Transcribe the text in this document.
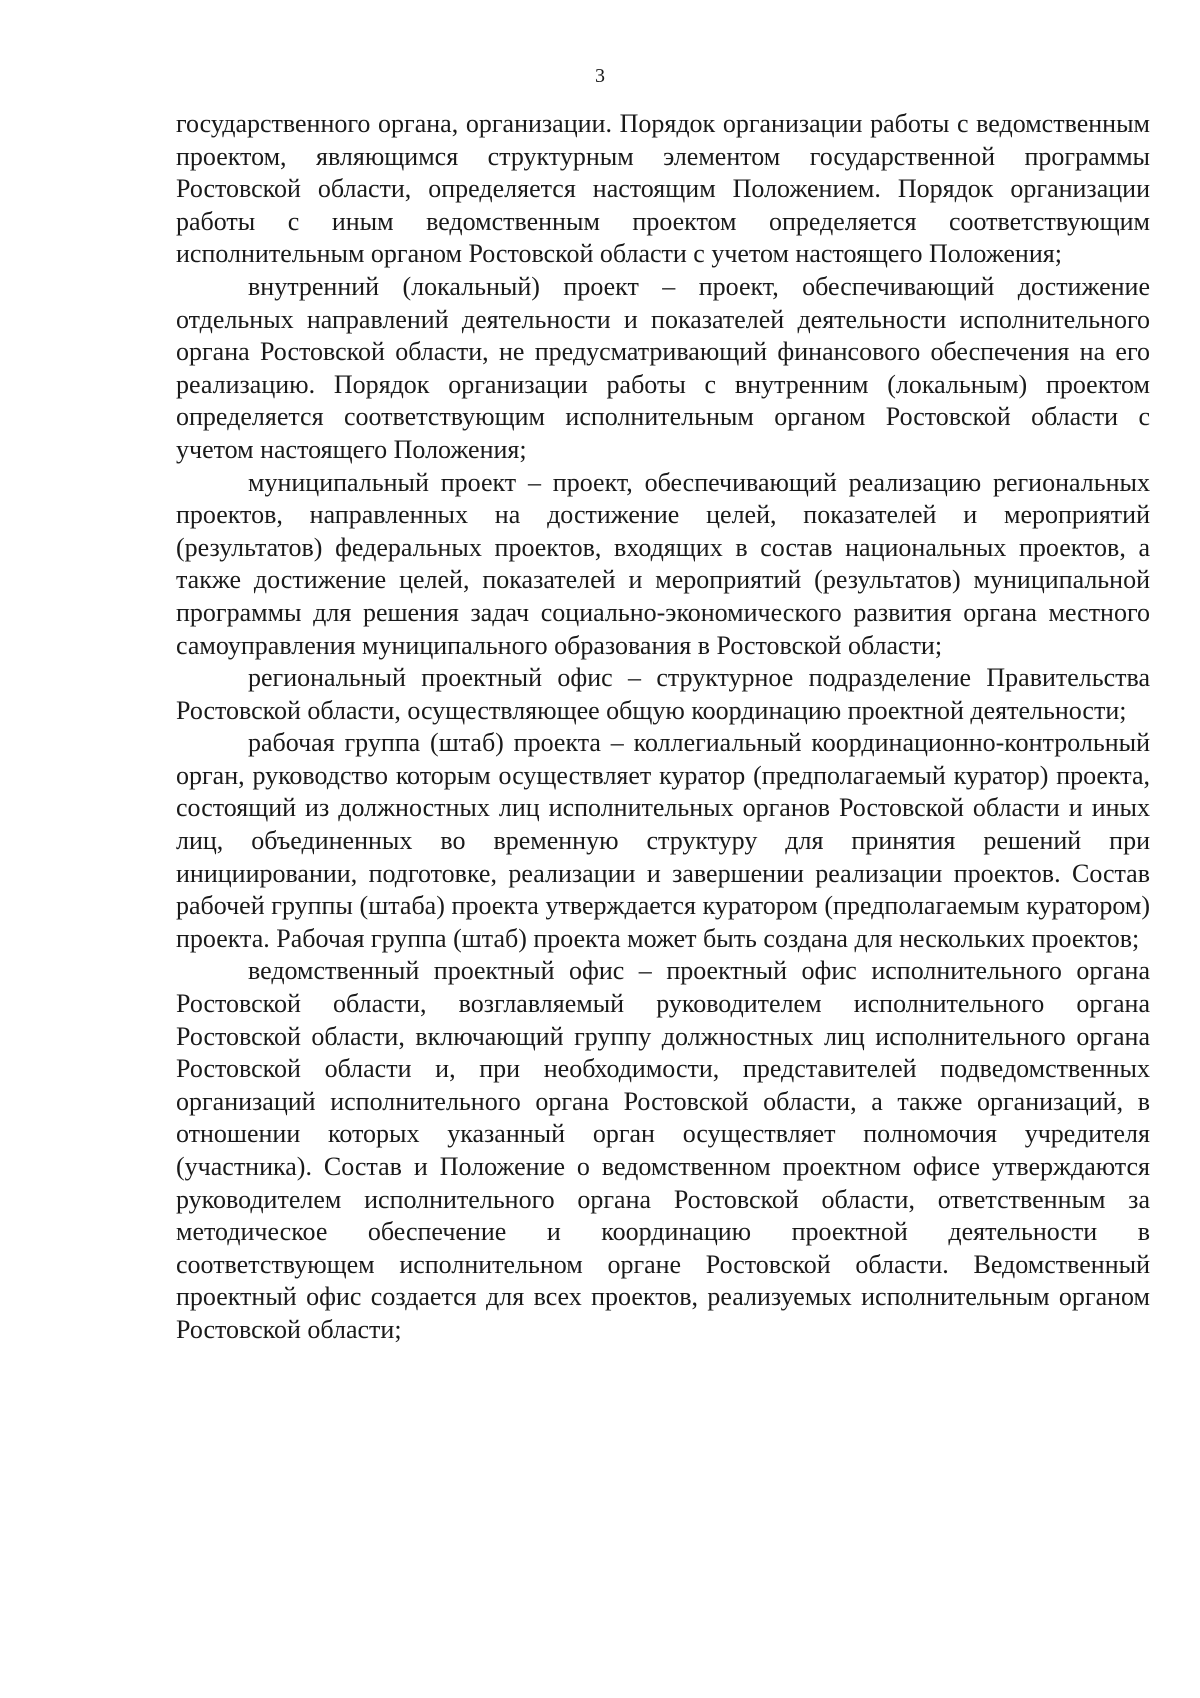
3

государственного органа, организации. Порядок организации работы с ведомственным проектом, являющимся структурным элементом государственной программы Ростовской области, определяется настоящим Положением. Порядок организации работы с иным ведомственным проектом определяется соответствующим исполнительным органом Ростовской области с учетом настоящего Положения;

внутренний (локальный) проект – проект, обеспечивающий достижение отдельных направлений деятельности и показателей деятельности исполнительного органа Ростовской области, не предусматривающий финансового обеспечения на его реализацию. Порядок организации работы с внутренним (локальным) проектом определяется соответствующим исполнительным органом Ростовской области с учетом настоящего Положения;

муниципальный проект – проект, обеспечивающий реализацию региональных проектов, направленных на достижение целей, показателей и мероприятий (результатов) федеральных проектов, входящих в состав национальных проектов, а также достижение целей, показателей и мероприятий (результатов) муниципальной программы для решения задач социально-экономического развития органа местного самоуправления муниципального образования в Ростовской области;

региональный проектный офис – структурное подразделение Правительства Ростовской области, осуществляющее общую координацию проектной деятельности;

рабочая группа (штаб) проекта – коллегиальный координационно-контрольный орган, руководство которым осуществляет куратор (предполагаемый куратор) проекта, состоящий из должностных лиц исполнительных органов Ростовской области и иных лиц, объединенных во временную структуру для принятия решений при инициировании, подготовке, реализации и завершении реализации проектов. Состав рабочей группы (штаба) проекта утверждается куратором (предполагаемым куратором) проекта. Рабочая группа (штаб) проекта может быть создана для нескольких проектов;

ведомственный проектный офис – проектный офис исполнительного органа Ростовской области, возглавляемый руководителем исполнительного органа Ростовской области, включающий группу должностных лиц исполнительного органа Ростовской области и, при необходимости, представителей подведомственных организаций исполнительного органа Ростовской области, а также организаций, в отношении которых указанный орган осуществляет полномочия учредителя (участника). Состав и Положение о ведомственном проектном офисе утверждаются руководителем исполнительного органа Ростовской области, ответственным за методическое обеспечение и координацию проектной деятельности в соответствующем исполнительном органе Ростовской области. Ведомственный проектный офис создается для всех проектов, реализуемых исполнительным органом Ростовской области;
